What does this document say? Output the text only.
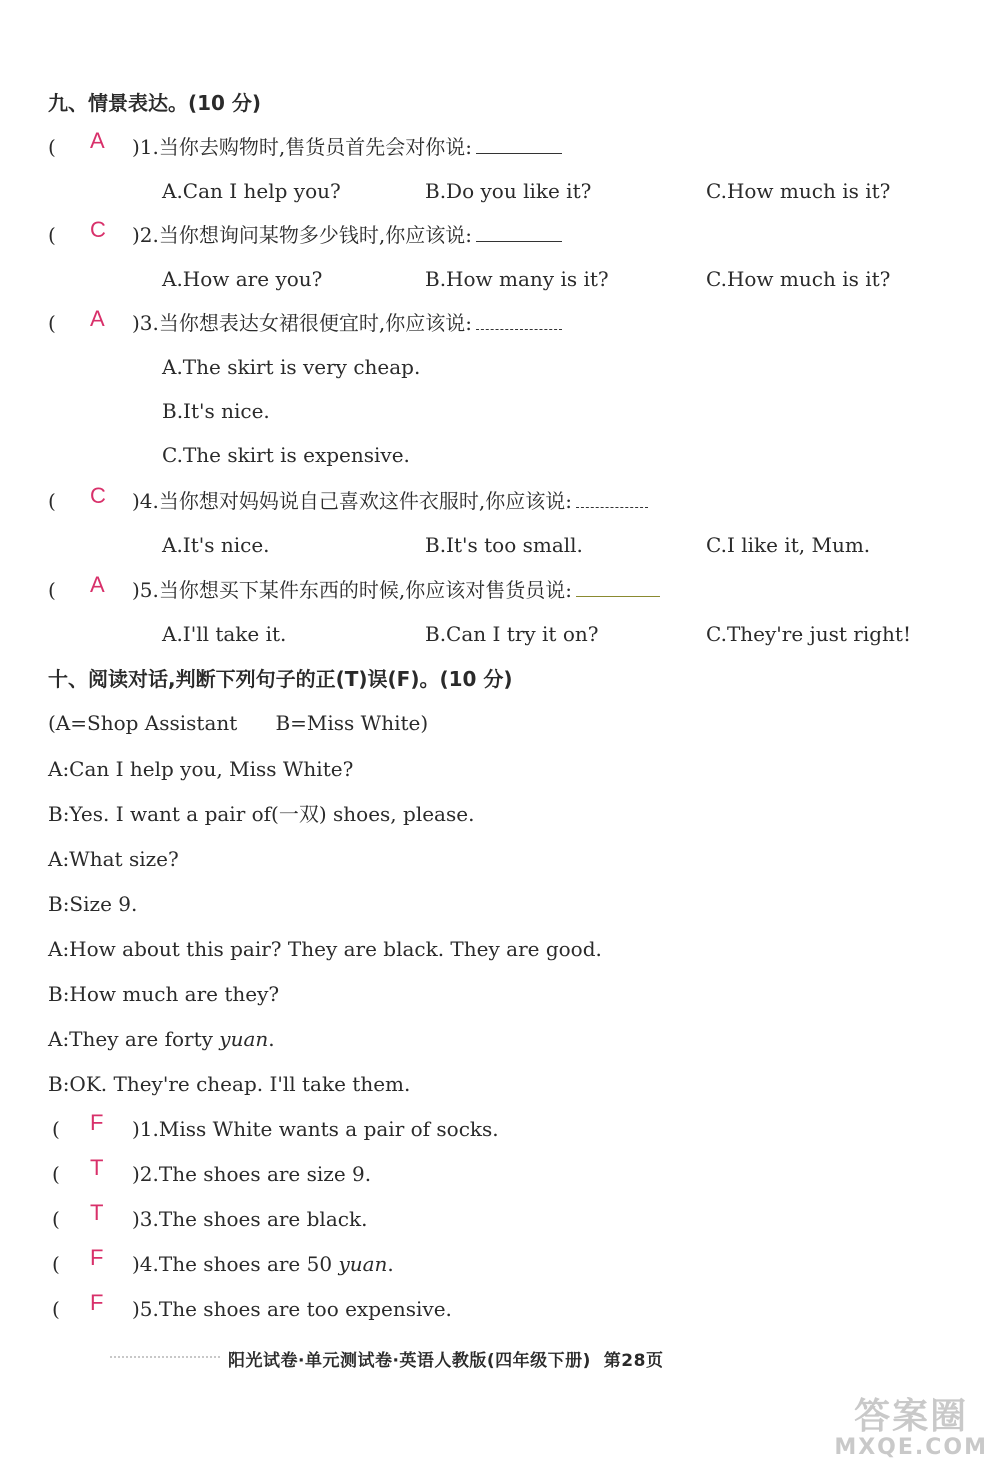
九、情景表达。(10 分)
( A )1.当你去购物时,售货员首先会对你说:
A.Can I help you?	B.Do you like it?	C.How much is it?
( C )2.当你想询问某物多少钱时,你应该说:
A.How are you?	B.How many is it?	C.How much is it?
( A )3.当你想表达女裙很便宜时,你应该说:
A.The skirt is very cheap.
B.It's nice.
C.The skirt is expensive.
( C )4.当你想对妈妈说自己喜欢这件衣服时,你应该说:
A.It's nice.	B.It's too small.	C.I like it, Mum.
( A )5.当你想买下某件东西的时候,你应该对售货员说:
A.I'll take it.	B.Can I try it on?	C.They're just right!
十、阅读对话,判断下列句子的正(T)误(F)。(10 分)
(A=Shop Assistant      B=Miss White)
A:Can I help you, Miss White?
B:Yes. I want a pair of(一双) shoes, please.
A:What size?
B:Size 9.
A:How about this pair? They are black. They are good.
B:How much are they?
A:They are forty yuan.
B:OK. They're cheap. I'll take them.
( F )1.Miss White wants a pair of socks.
( T )2.The shoes are size 9.
( T )3.The shoes are black.
( F )4.The shoes are 50 yuan.
( F )5.The shoes are too expensive.
阳光试卷·单元测试卷·英语人教版(四年级下册)  第28页
答案圈
MXQE.COM
